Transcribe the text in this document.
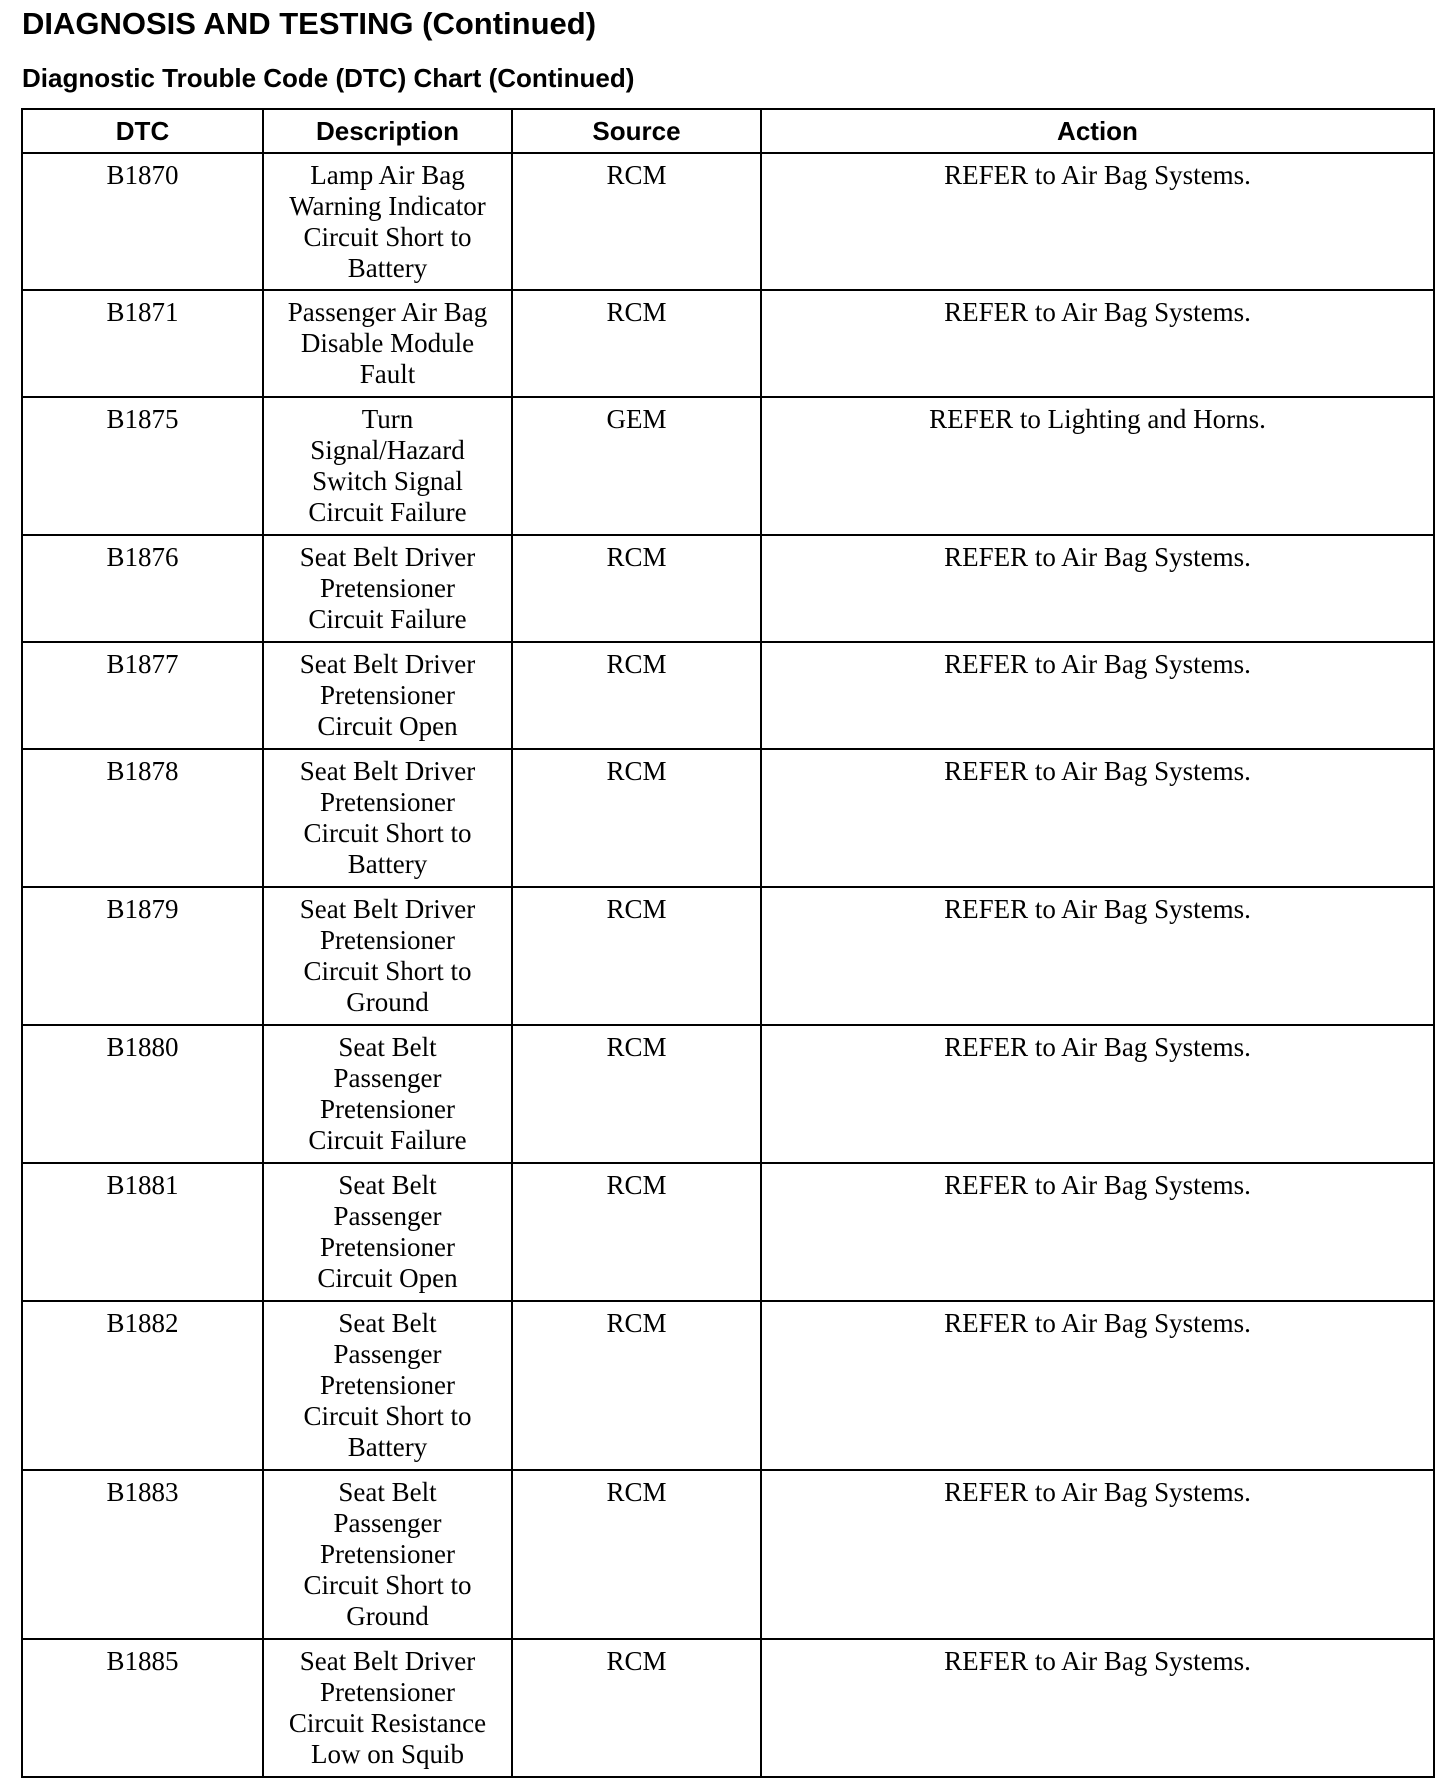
DIAGNOSIS AND TESTING (Continued)
Diagnostic Trouble Code (DTC) Chart (Continued)
DTC	Description	Source	Action
B1870	Lamp Air Bag
Warning Indicator
Circuit Short to
Battery	RCM	REFER to Air Bag Systems.
B1871	Passenger Air Bag
Disable Module
Fault	RCM	REFER to Air Bag Systems.
B1875	Turn
Signal/Hazard
Switch Signal
Circuit Failure	GEM	REFER to Lighting and Horns.
B1876	Seat Belt Driver
Pretensioner
Circuit Failure	RCM	REFER to Air Bag Systems.
B1877	Seat Belt Driver
Pretensioner
Circuit Open	RCM	REFER to Air Bag Systems.
B1878	Seat Belt Driver
Pretensioner
Circuit Short to
Battery	RCM	REFER to Air Bag Systems.
B1879	Seat Belt Driver
Pretensioner
Circuit Short to
Ground	RCM	REFER to Air Bag Systems.
B1880	Seat Belt
Passenger
Pretensioner
Circuit Failure	RCM	REFER to Air Bag Systems.
B1881	Seat Belt
Passenger
Pretensioner
Circuit Open	RCM	REFER to Air Bag Systems.
B1882	Seat Belt
Passenger
Pretensioner
Circuit Short to
Battery	RCM	REFER to Air Bag Systems.
B1883	Seat Belt
Passenger
Pretensioner
Circuit Short to
Ground	RCM	REFER to Air Bag Systems.
B1885	Seat Belt Driver
Pretensioner
Circuit Resistance
Low on Squib	RCM	REFER to Air Bag Systems.
